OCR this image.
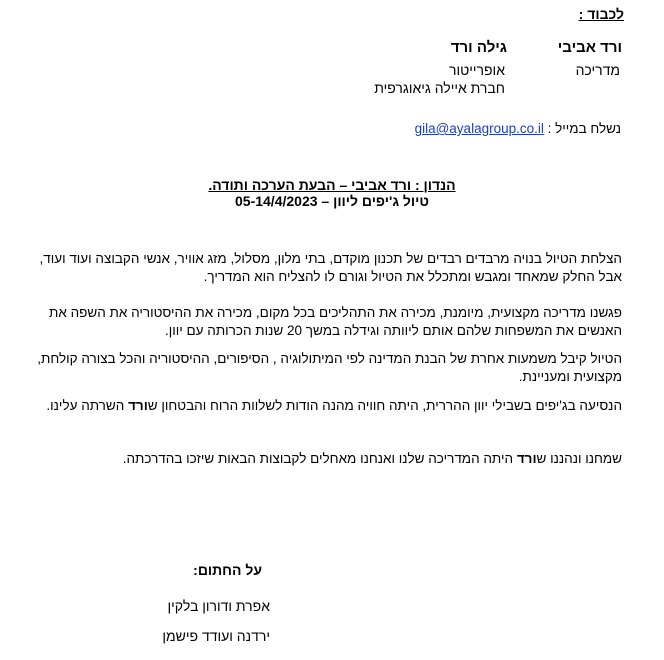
לכבוד :
ורד אביבי
מדריכה
גילה ורד
אופרייטור
חברת איילה גיאוגרפית
נשלח במייל : gila@ayalagroup.co.il
הנדון : ורד אביבי – הבעת הערכה ותודה.
טיול ג'יפים ליוון – 05-14/4/2023
הצלחת הטיול בנויה מרבדים רבדים של תכנון מוקדם, בתי מלון, מסלול, מזג אוויר, אנשי הקבוצה ועוד ועוד, אבל החלק שמאחד ומגבש ומתכלל את הטיול וגורם לו להצליח הוא המדריך.
פגשנו מדריכה מקצועית, מיומנת, מכירה את התהליכים בכל מקום, מכירה את ההיסטוריה את השפה את האנשים את המשפחות שלהם אותם ליוותה וגידלה במשך 20 שנות הכרותה עם יוון.
הטיול קיבל משמעות אחרת של הבנת המדינה לפי המיתולוגיה , הסיפורים, ההיסטוריה והכל בצורה קולחת, מקצועית ומעניינת.
הנסיעה בג'יפים בשבילי יוון ההררית, היתה חוויה מהנה הודות לשלוות הרוח והבטחון שורד השרתה עלינו.
שמחנו ונהננו שורד היתה המדריכה שלנו ואנחנו מאחלים לקבוצות הבאות שיזכו בהדרכתה.
על החתום:
אפרת ודורון בלקין
ירדנה ועודד פישמן
